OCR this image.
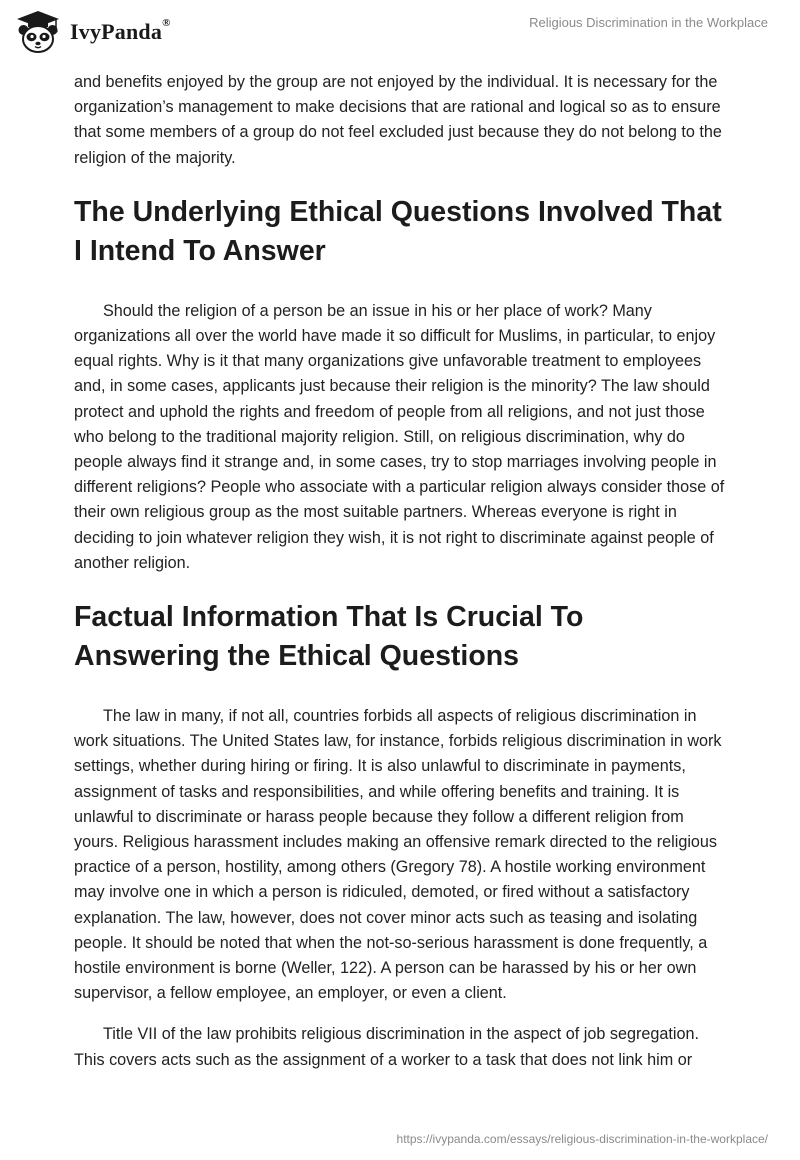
IvyPanda®	Religious Discrimination in the Workplace

and benefits enjoyed by the group are not enjoyed by the individual. It is necessary for the organization’s management to make decisions that are rational and logical so as to ensure that some members of a group do not feel excluded just because they do not belong to the religion of the majority.

The Underlying Ethical Questions Involved That I Intend To Answer

Should the religion of a person be an issue in his or her place of work? Many organizations all over the world have made it so difficult for Muslims, in particular, to enjoy equal rights. Why is it that many organizations give unfavorable treatment to employees and, in some cases, applicants just because their religion is the minority? The law should protect and uphold the rights and freedom of people from all religions, and not just those who belong to the traditional majority religion. Still, on religious discrimination, why do people always find it strange and, in some cases, try to stop marriages involving people in different religions? People who associate with a particular religion always consider those of their own religious group as the most suitable partners. Whereas everyone is right in deciding to join whatever religion they wish, it is not right to discriminate against people of another religion.

Factual Information That Is Crucial To Answering the Ethical Questions

The law in many, if not all, countries forbids all aspects of religious discrimination in work situations. The United States law, for instance, forbids religious discrimination in work settings, whether during hiring or firing. It is also unlawful to discriminate in payments, assignment of tasks and responsibilities, and while offering benefits and training. It is unlawful to discriminate or harass people because they follow a different religion from yours. Religious harassment includes making an offensive remark directed to the religious practice of a person, hostility, among others (Gregory 78). A hostile working environment may involve one in which a person is ridiculed, demoted, or fired without a satisfactory explanation. The law, however, does not cover minor acts such as teasing and isolating people. It should be noted that when the not-so-serious harassment is done frequently, a hostile environment is borne (Weller, 122). A person can be harassed by his or her own supervisor, a fellow employee, an employer, or even a client.

Title VII of the law prohibits religious discrimination in the aspect of job segregation. This covers acts such as the assignment of a worker to a task that does not link him or

https://ivypanda.com/essays/religious-discrimination-in-the-workplace/
